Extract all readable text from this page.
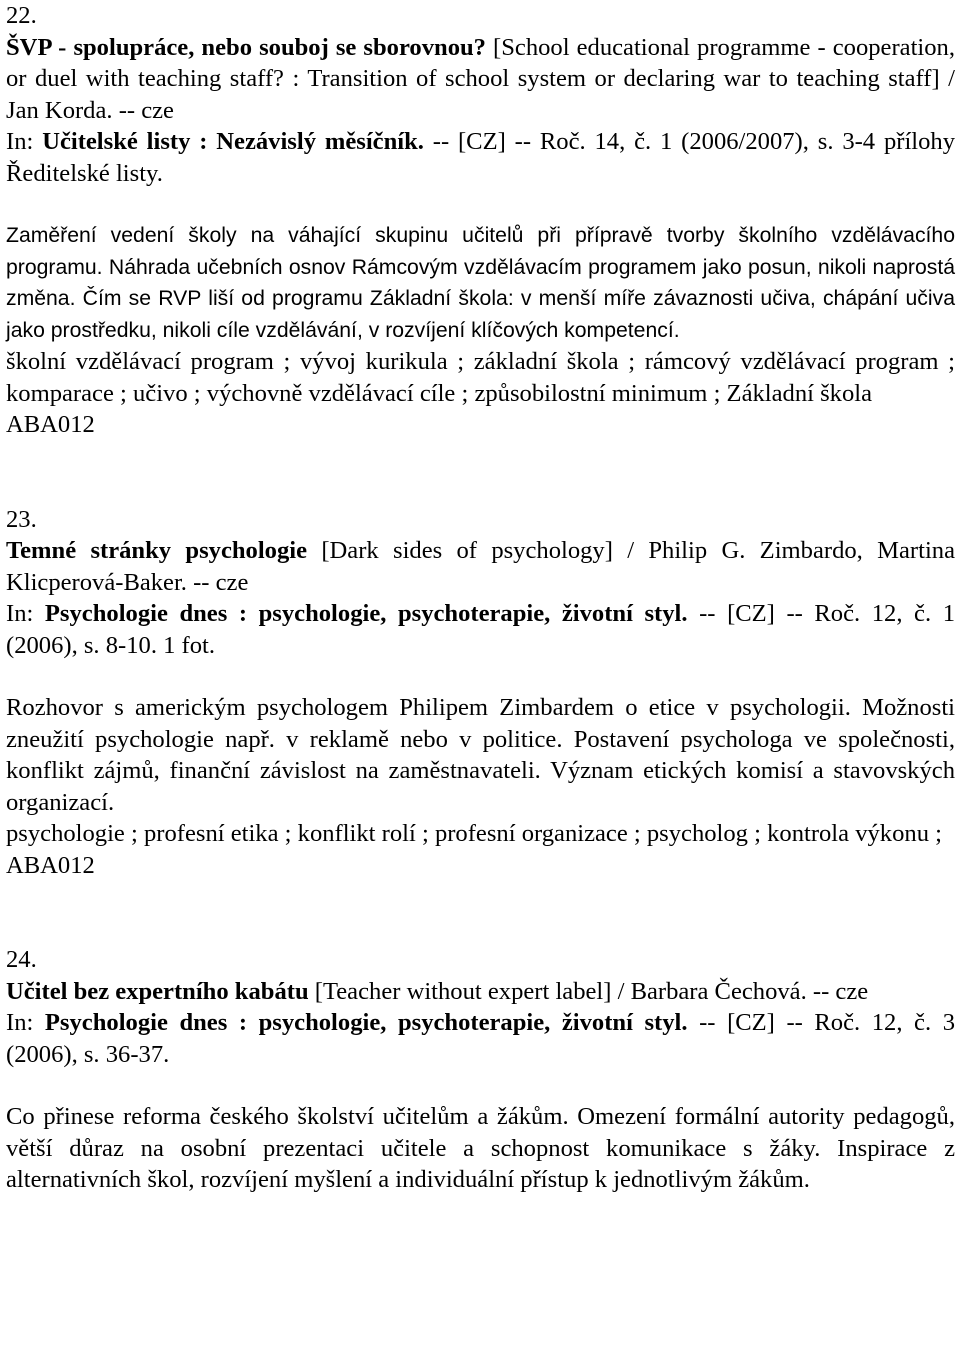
22.

ŠVP - spolupráce, nebo souboj se sborovnou? [School educational programme - cooperation, or duel with teaching staff? : Transition of school system or declaring war to teaching staff] / Jan Korda. -- cze

In: Učitelské listy : Nezávislý měsíčník. -- [CZ] -- Roč. 14, č. 1 (2006/2007), s. 3-4 přílohy Ředitelské listy.

Zaměření vedení školy na váhající skupinu učitelů při přípravě tvorby školního vzdělávacího programu. Náhrada učebních osnov Rámcovým vzdělávacím programem jako posun, nikoli naprostá změna. Čím se RVP liší od programu Základní škola: v menší míře závaznosti učiva, chápání učiva jako prostředku, nikoli cíle vzdělávání, v rozvíjení klíčových kompetencí.

školní vzdělávací program ; vývoj kurikula ; základní škola ; rámcový vzdělávací program ; komparace ; učivo ; výchovně vzdělávací cíle ; způsobilostní minimum ; Základní škola

ABA012

23.

Temné stránky psychologie [Dark sides of psychology] / Philip G. Zimbardo, Martina Klicperová-Baker. -- cze

In: Psychologie dnes : psychologie, psychoterapie, životní styl. -- [CZ] -- Roč. 12, č. 1 (2006), s. 8-10. 1 fot.

Rozhovor s americkým psychologem Philipem Zimbardem o etice v psychologii. Možnosti zneužití psychologie např. v reklamě nebo v politice. Postavení psychologa ve společnosti, konflikt zájmů, finanční závislost na zaměstnavateli. Význam etických komisí a stavovských organizací.

psychologie ; profesní etika ; konflikt rolí ; profesní organizace ; psycholog ; kontrola výkonu ;

ABA012

24.

Učitel bez expertního kabátu [Teacher without expert label] / Barbara Čechová. -- cze

In: Psychologie dnes : psychologie, psychoterapie, životní styl. -- [CZ] -- Roč. 12, č. 3 (2006), s. 36-37.

Co přinese reforma českého školství učitelům a žákům. Omezení formální autority pedagogů, větší důraz na osobní prezentaci učitele a schopnost komunikace s žáky. Inspirace z alternativních škol, rozvíjení myšlení a individuální přístup k jednotlivým žákům.
